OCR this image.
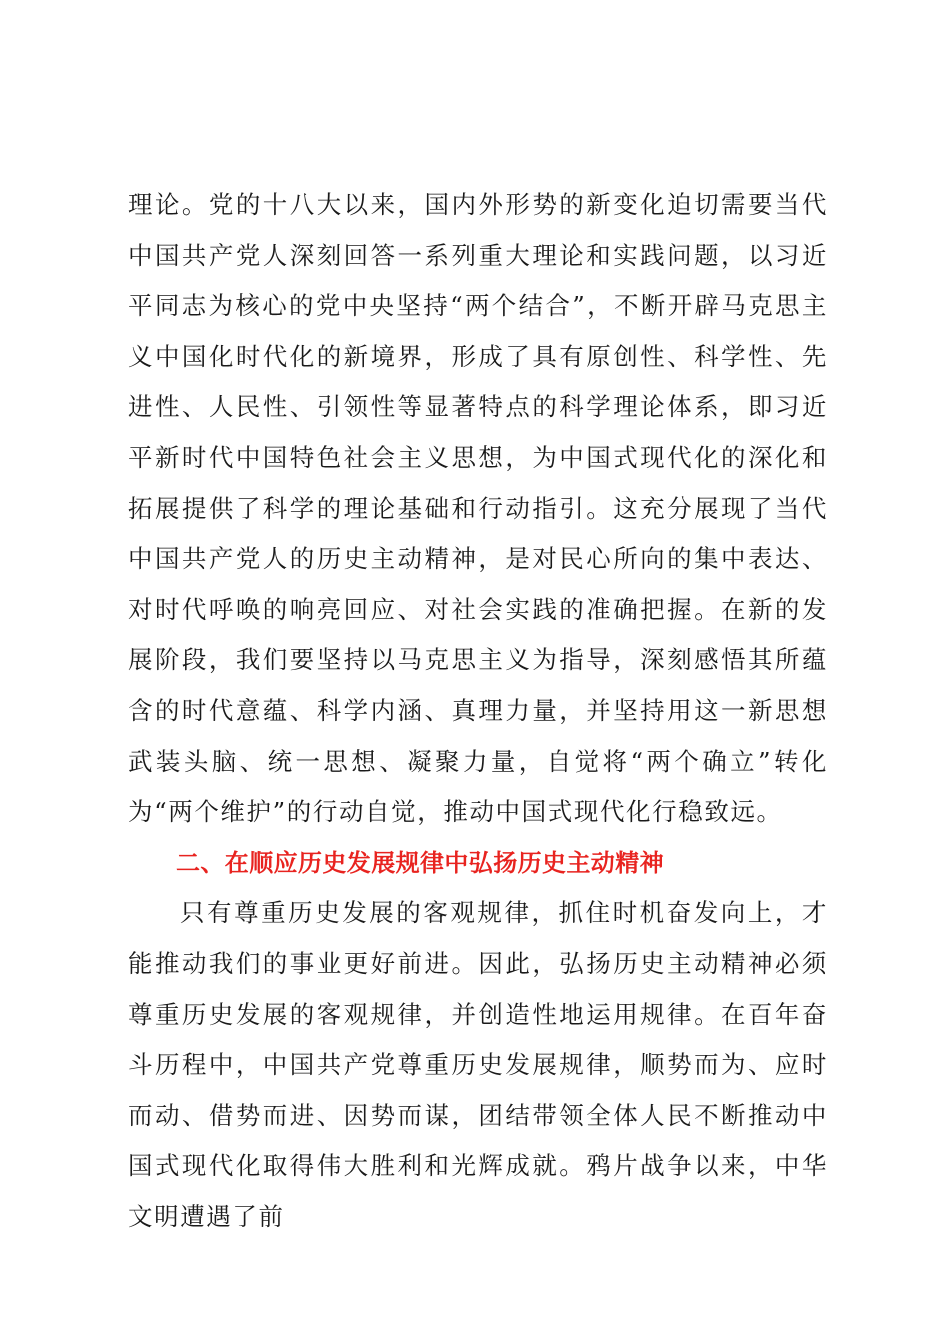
理论。党的十八大以来，国内外形势的新变化迫切需要当代中国共产党人深刻回答一系列重大理论和实践问题，以习近平同志为核心的党中央坚持“两个结合”，不断开辟马克思主义中国化时代化的新境界，形成了具有原创性、科学性、先进性、人民性、引领性等显著特点的科学理论体系，即习近平新时代中国特色社会主义思想，为中国式现代化的深化和拓展提供了科学的理论基础和行动指引。这充分展现了当代中国共产党人的历史主动精神，是对民心所向的集中表达、对时代呼唤的响亮回应、对社会实践的准确把握。在新的发展阶段，我们要坚持以马克思主义为指导，深刻感悟其所蕴含的时代意蕴、科学内涵、真理力量，并坚持用这一新思想武装头脑、统一思想、凝聚力量，自觉将“两个确立”转化为“两个维护”的行动自觉，推动中国式现代化行稳致远。

二、在顺应历史发展规律中弘扬历史主动精神

只有尊重历史发展的客观规律，抓住时机奋发向上，才能推动我们的事业更好前进。因此，弘扬历史主动精神必须尊重历史发展的客观规律，并创造性地运用规律。在百年奋斗历程中，中国共产党尊重历史发展规律，顺势而为、应时而动、借势而进、因势而谋，团结带领全体人民不断推动中国式现代化取得伟大胜利和光辉成就。鸦片战争以来，中华文明遭遇了前
